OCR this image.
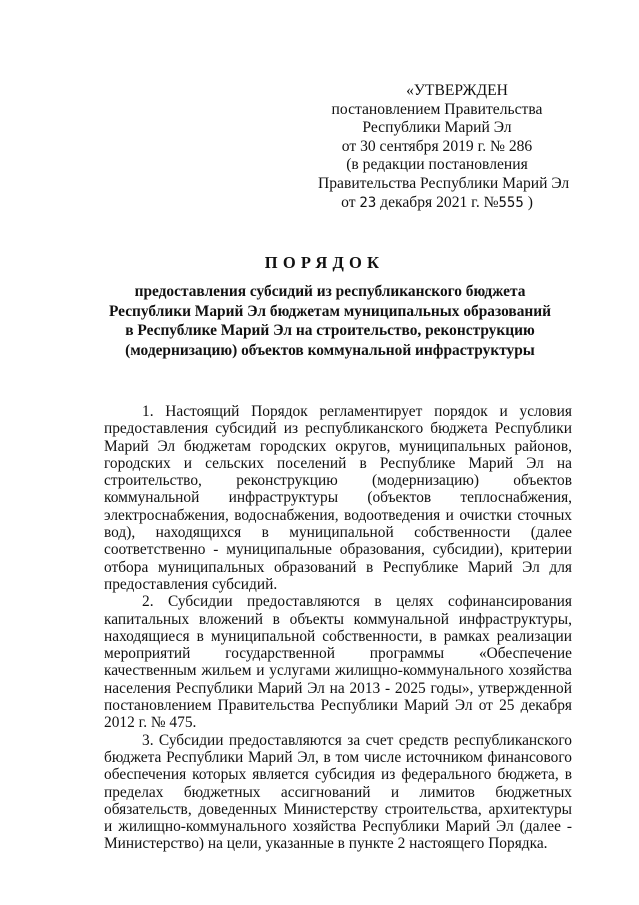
«УТВЕРЖДЕН
постановлением Правительства
Республики Марий Эл
от 30 сентября 2019 г. № 286
(в редакции постановления
Правительства Республики Марий Эл
от 23 декабря 2021 г. №555 )
ПОРЯДОК
предоставления субсидий из республиканского бюджета
Республики Марий Эл бюджетам муниципальных образований
в Республике Марий Эл на строительство, реконструкцию
(модернизацию) объектов коммунальной инфраструктуры

1. Настоящий Порядок регламентирует порядок и условия предоставления субсидий из республиканского бюджета Республики Марий Эл бюджетам городских округов, муниципальных районов, городских и сельских поселений в Республике Марий Эл на строительство, реконструкцию (модернизацию) объектов коммунальной инфраструктуры (объектов теплоснабжения, электроснабжения, водоснабжения, водоотведения и очистки сточных вод), находящихся в муниципальной собственности (далее соответственно - муниципальные образования, субсидии), критерии отбора муниципальных образований в Республике Марий Эл для предоставления субсидий.

2. Субсидии предоставляются в целях софинансирования капитальных вложений в объекты коммунальной инфраструктуры, находящиеся в муниципальной собственности, в рамках реализации мероприятий государственной программы «Обеспечение качественным жильем и услугами жилищно-коммунального хозяйства населения Республики Марий Эл на 2013 - 2025 годы», утвержденной постановлением Правительства Республики Марий Эл от 25 декабря 2012 г. № 475.

3. Субсидии предоставляются за счет средств республиканского бюджета Республики Марий Эл, в том числе источником финансового обеспечения которых является субсидия из федерального бюджета, в пределах бюджетных ассигнований и лимитов бюджетных обязательств, доведенных Министерству строительства, архитектуры и жилищно-коммунального хозяйства Республики Марий Эл (далее - Министерство) на цели, указанные в пункте 2 настоящего Порядка.
